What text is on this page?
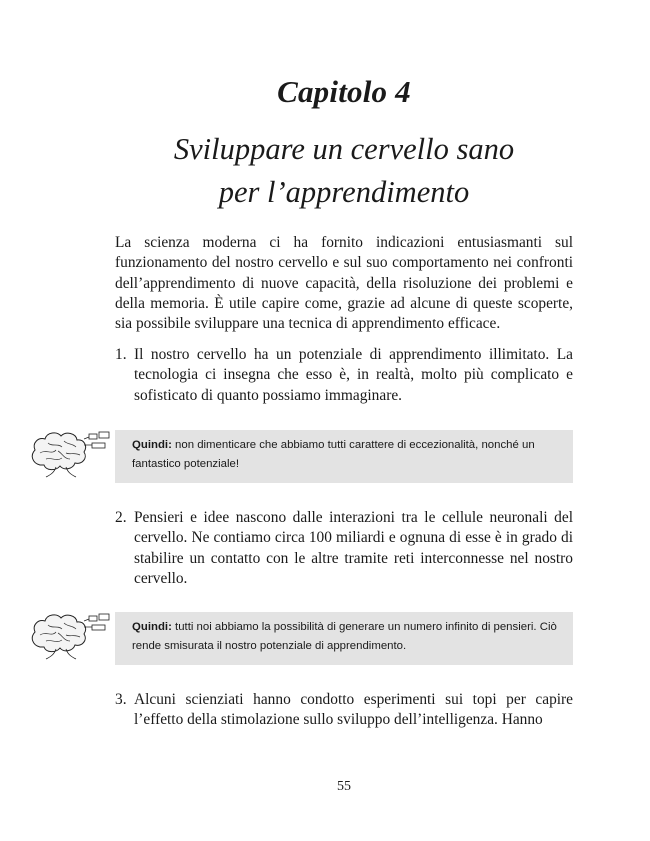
Capitolo 4
Sviluppare un cervello sano
per l’apprendimento

La scienza moderna ci ha fornito indicazioni entusiasmanti sul funzionamento del nostro cervello e sul suo comportamento nei confronti dell’apprendimento di nuove capacità, della risoluzione dei problemi e della memoria. È utile capire come, grazie ad alcune di queste scoperte, sia possibile sviluppare una tecnica di apprendimento efficace.

1. Il nostro cervello ha un potenziale di apprendimento illimitato. La tecnologia ci insegna che esso è, in realtà, molto più complicato e sofisticato di quanto possiamo immaginare.
Quindi: non dimenticare che abbiamo tutti carattere di eccezionalità, nonché un fantastico potenziale!
2. Pensieri e idee nascono dalle interazioni tra le cellule neuronali del cervello. Ne contiamo circa 100 miliardi e ognuna di esse è in grado di stabilire un contatto con le altre tramite reti interconnesse nel nostro cervello.
Quindi: tutti noi abbiamo la possibilità di generare un numero infinito di pensieri. Ciò rende smisurata il nostro potenziale di apprendimento.
3. Alcuni scienziati hanno condotto esperimenti sui topi per capire l’effetto della stimolazione sullo sviluppo dell’intelligenza. Hanno
55
